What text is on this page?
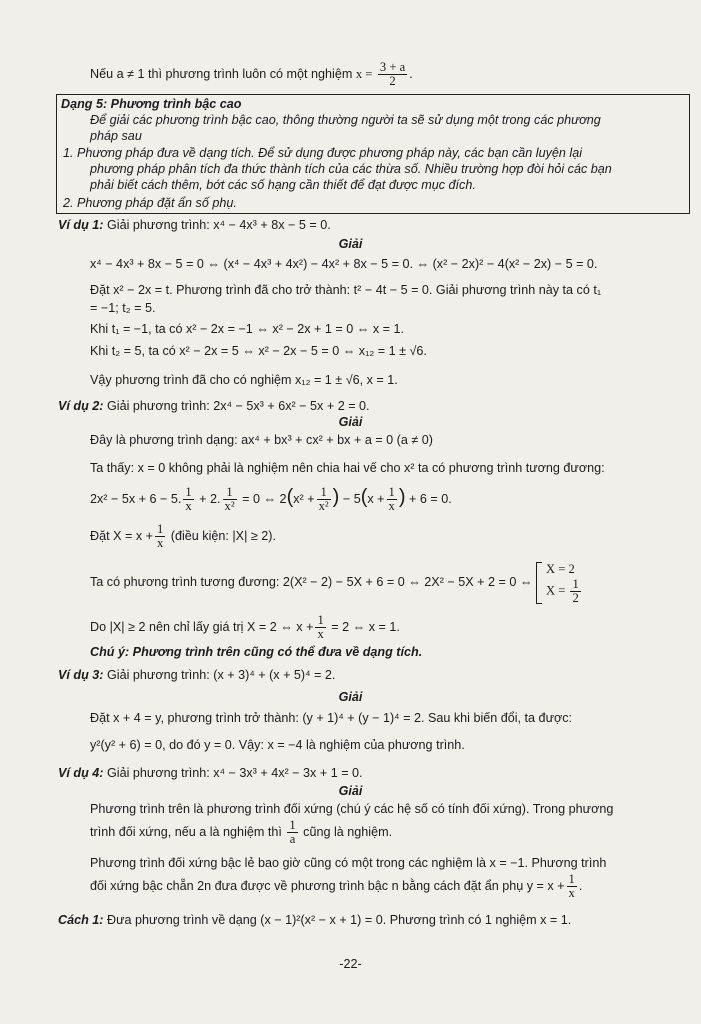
Nếu a ≠ 1 thì phương trình luôn có một nghiệm $x = \frac{3 + a}{2}$ .
Dạng 5: Phương trình bậc cao
Để giải các phương trình bậc cao, thông thường người ta sẽ sử dụng một trong các phương
pháp sau
1. Phương pháp đưa về dạng tích. Để sử dụng được phương pháp này, các bạn cần luyện lại
phương pháp phân tích đa thức thành tích của các thừa số. Nhiều trường hợp đòi hỏi các bạn
phải biết cách thêm, bớt các số hạng cần thiết để đạt được mục đích.
2. Phương pháp đặt ẩn số phụ.
Ví dụ 1: Giải phương trình: x⁴ − 4x³ + 8x − 5 = 0.
Giải
x⁴ − 4x³ + 8x − 5 = 0 ⇔ (x⁴ − 4x³ + 4x²) − 4x² + 8x − 5 = 0. ⇔ (x² − 2x)² − 4(x² − 2x) − 5 = 0.
Đặt x² − 2x = t. Phương trình đã cho trở thành: t² − 4t − 5 = 0. Giải phương trình này ta có t₁
= −1; t₂ = 5.
Khi t₁ = −1, ta có x² − 2x = −1 ⇔ x² − 2x + 1 = 0 ⇔ x = 1.
Khi t₂ = 5, ta có x² − 2x = 5 ⇔ x² − 2x − 5 = 0 ⇔ x₁₂ = 1 ± √6.
Vậy phương trình đã cho có nghiệm x₁₂ = 1 ± √6, x = 1.
Ví dụ 2: Giải phương trình: 2x⁴ − 5x³ + 6x² − 5x + 2 = 0.
Giải
Đây là phương trình dạng: ax⁴ + bx³ + cx² + bx + a = 0 (a ≠ 0)
Ta thấy: x = 0 không phải là nghiệm nên chia hai vế cho x² ta có phương trình tương đương:
2x² − 5x + 6 − 5. $\frac{1}{x} + 2$. $\frac{1}{\text{x²}} = 0$ ⇔ $2(x^2 + \frac{1}{\text{x²}}$ ) − $5(x + \frac{1}{x}$ ) + 6 = 0.
Đặt $X = x + \frac{1}{x}$ (điều kiện: |X| ≥ 2).
Ta có phương trình tương đương: 2(X² − 2) − 5X + 6 = 0 ⇔ 2X² − 5X + 2 = 0 ⇔
X = 2
$X = \frac{1}{2}$
Do |X| ≥ 2 nên chỉ lấy giá trị X = 2 ⇔ $x + \frac{1}{x} = 2$ ⇔ x = 1.
Chú ý: Phương trình trên cũng có thể đưa về dạng tích.
Ví dụ 3: Giải phương trình: (x + 3)⁴ + (x + 5)⁴ = 2.
Giải
Đặt x + 4 = y, phương trình trở thành: (y + 1)⁴ + (y − 1)⁴ = 2. Sau khi biến đổi, ta được:
y²(y² + 6) = 0, do đó y = 0. Vậy: x = −4 là nghiệm của phương trình.
Ví dụ 4: Giải phương trình: x⁴ − 3x³ + 4x² − 3x + 1 = 0.
Giải
Phương trình trên là phương trình đối xứng (chú ý các hệ số có tính đối xứng). Trong phương
trình đối xứng, nếu a là nghiệm thì $\frac{1}{a}$ cũng là nghiệm.
Phương trình đối xứng bậc lẻ bao giờ cũng có một trong các nghiệm là x = −1. Phương trình
đối xứng bậc chẵn 2n đưa được về phương trình bậc n bằng cách đặt ẩn phụ $y = x + \frac{1}{x}$ .
Cách 1: Đưa phương trình về dạng (x − 1)²(x² − x + 1) = 0. Phương trình có 1 nghiệm x = 1.
-22-
